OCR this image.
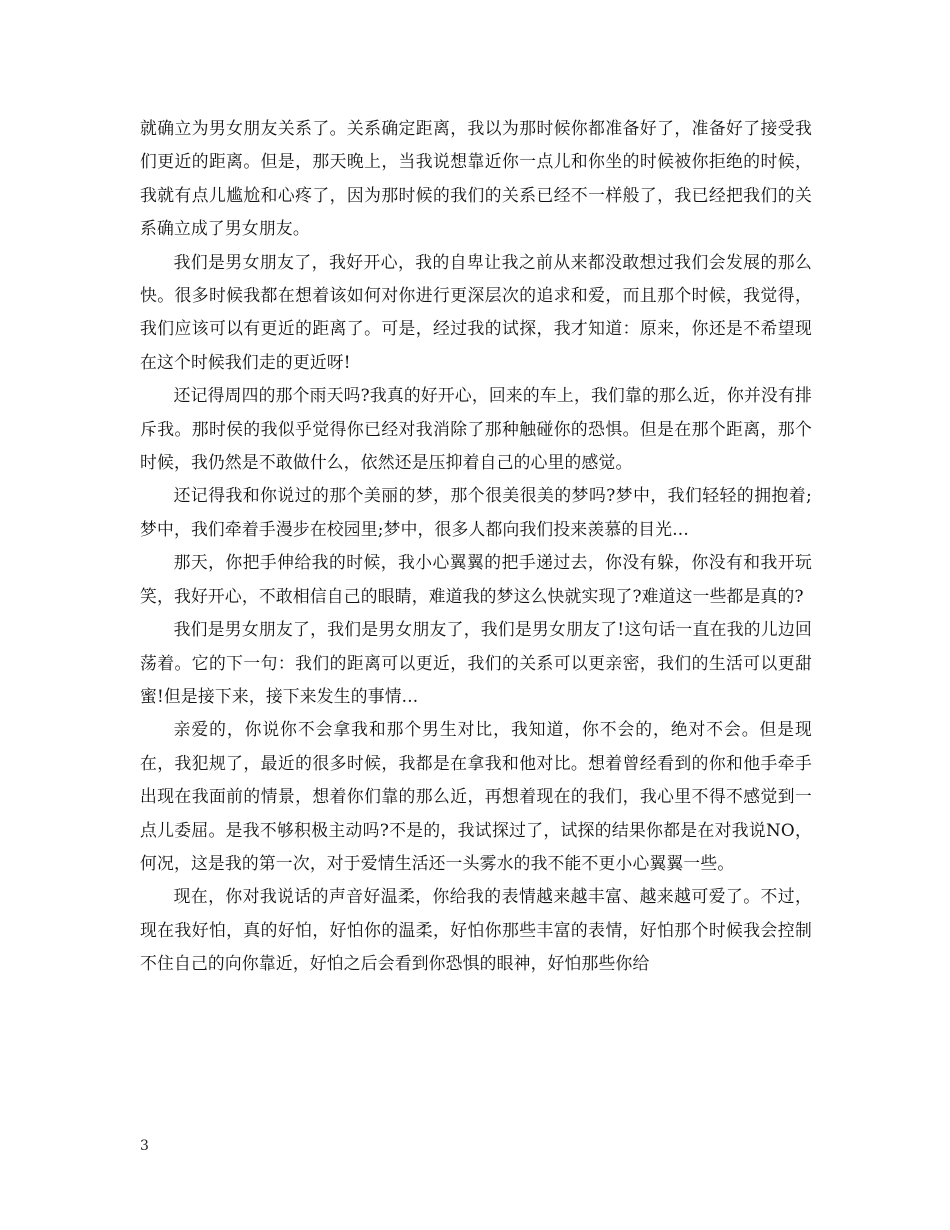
就确立为男女朋友关系了。关系确定距离，我以为那时候你都准备好了，准备好了接受我们更近的距离。但是，那天晚上，当我说想靠近你一点儿和你坐的时候被你拒绝的时候，我就有点儿尴尬和心疼了，因为那时候的我们的关系已经不一样般了，我已经把我们的关系确立成了男女朋友。

我们是男女朋友了，我好开心，我的自卑让我之前从来都没敢想过我们会发展的那么快。很多时候我都在想着该如何对你进行更深层次的追求和爱，而且那个时候，我觉得，我们应该可以有更近的距离了。可是，经过我的试探，我才知道：原来，你还是不希望现在这个时候我们走的更近呀!

还记得周四的那个雨天吗?我真的好开心，回来的车上，我们靠的那么近，你并没有排斥我。那时侯的我似乎觉得你已经对我消除了那种触碰你的恐惧。但是在那个距离，那个时候，我仍然是不敢做什么，依然还是压抑着自己的心里的感觉。

还记得我和你说过的那个美丽的梦，那个很美很美的梦吗?梦中，我们轻轻的拥抱着;梦中，我们牵着手漫步在校园里;梦中，很多人都向我们投来羡慕的目光...

那天，你把手伸给我的时候，我小心翼翼的把手递过去，你没有躲，你没有和我开玩笑，我好开心，不敢相信自己的眼睛，难道我的梦这么快就实现了?难道这一些都是真的?

我们是男女朋友了，我们是男女朋友了，我们是男女朋友了!这句话一直在我的儿边回荡着。它的下一句：我们的距离可以更近，我们的关系可以更亲密，我们的生活可以更甜蜜!但是接下来，接下来发生的事情...

亲爱的，你说你不会拿我和那个男生对比，我知道，你不会的，绝对不会。但是现在，我犯规了，最近的很多时候，我都是在拿我和他对比。想着曾经看到的你和他手牵手出现在我面前的情景，想着你们靠的那么近，再想着现在的我们，我心里不得不感觉到一点儿委屈。是我不够积极主动吗?不是的，我试探过了，试探的结果你都是在对我说NO，何况，这是我的第一次，对于爱情生活还一头雾水的我不能不更小心翼翼一些。

现在，你对我说话的声音好温柔，你给我的表情越来越丰富、越来越可爱了。不过，现在我好怕，真的好怕，好怕你的温柔，好怕你那些丰富的表情，好怕那个时候我会控制不住自己的向你靠近，好怕之后会看到你恐惧的眼神，好怕那些你给

3
